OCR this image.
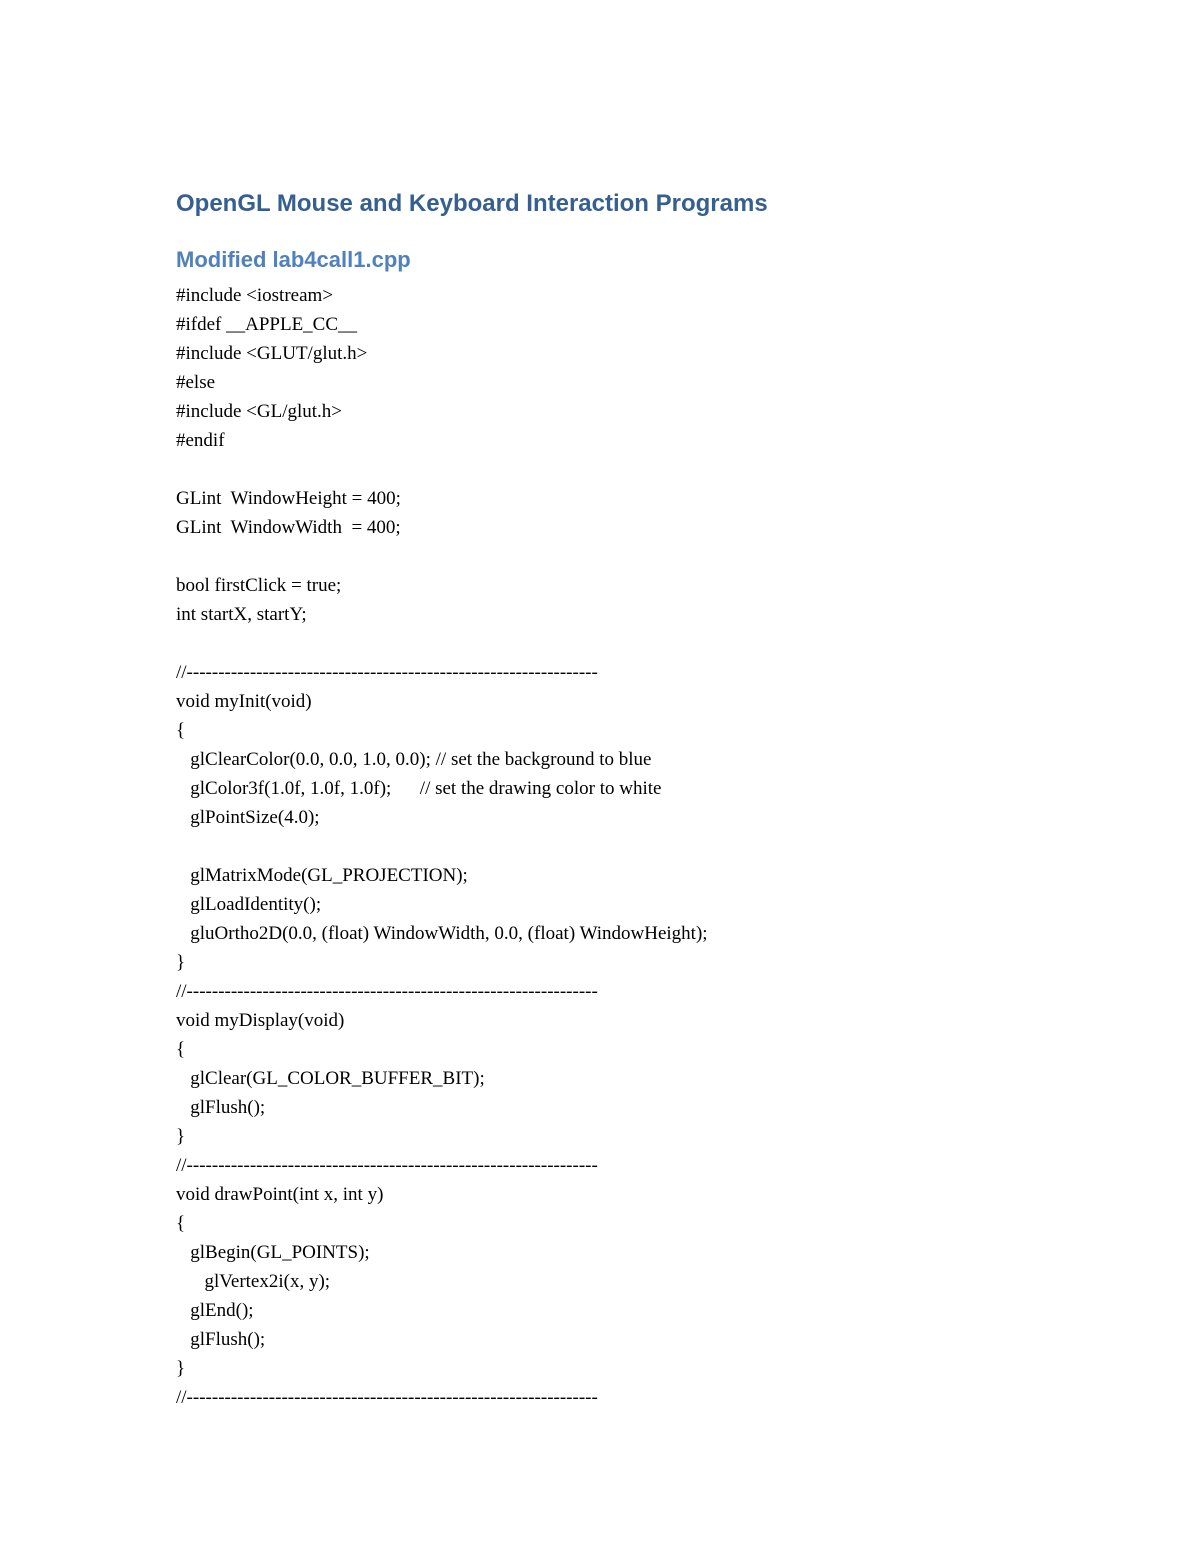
OpenGL Mouse and Keyboard Interaction Programs
Modified lab4call1.cpp
#include <iostream>
#ifdef __APPLE_CC__
#include <GLUT/glut.h>
#else
#include <GL/glut.h>
#endif
GLint  WindowHeight = 400;
GLint  WindowWidth  = 400;
bool firstClick = true;
int startX, startY;
//-----------------------------------------------------------------
void myInit(void)
{
glClearColor(0.0, 0.0, 1.0, 0.0); // set the background to blue
glColor3f(1.0f, 1.0f, 1.0f);      // set the drawing color to white
glPointSize(4.0);
glMatrixMode(GL_PROJECTION);
glLoadIdentity();
gluOrtho2D(0.0, (float) WindowWidth, 0.0, (float) WindowHeight);
}
//-----------------------------------------------------------------
void myDisplay(void)
{
glClear(GL_COLOR_BUFFER_BIT);
glFlush();
}
//-----------------------------------------------------------------
void drawPoint(int x, int y)
{
glBegin(GL_POINTS);
glVertex2i(x, y);
glEnd();
glFlush();
}
//-----------------------------------------------------------------
